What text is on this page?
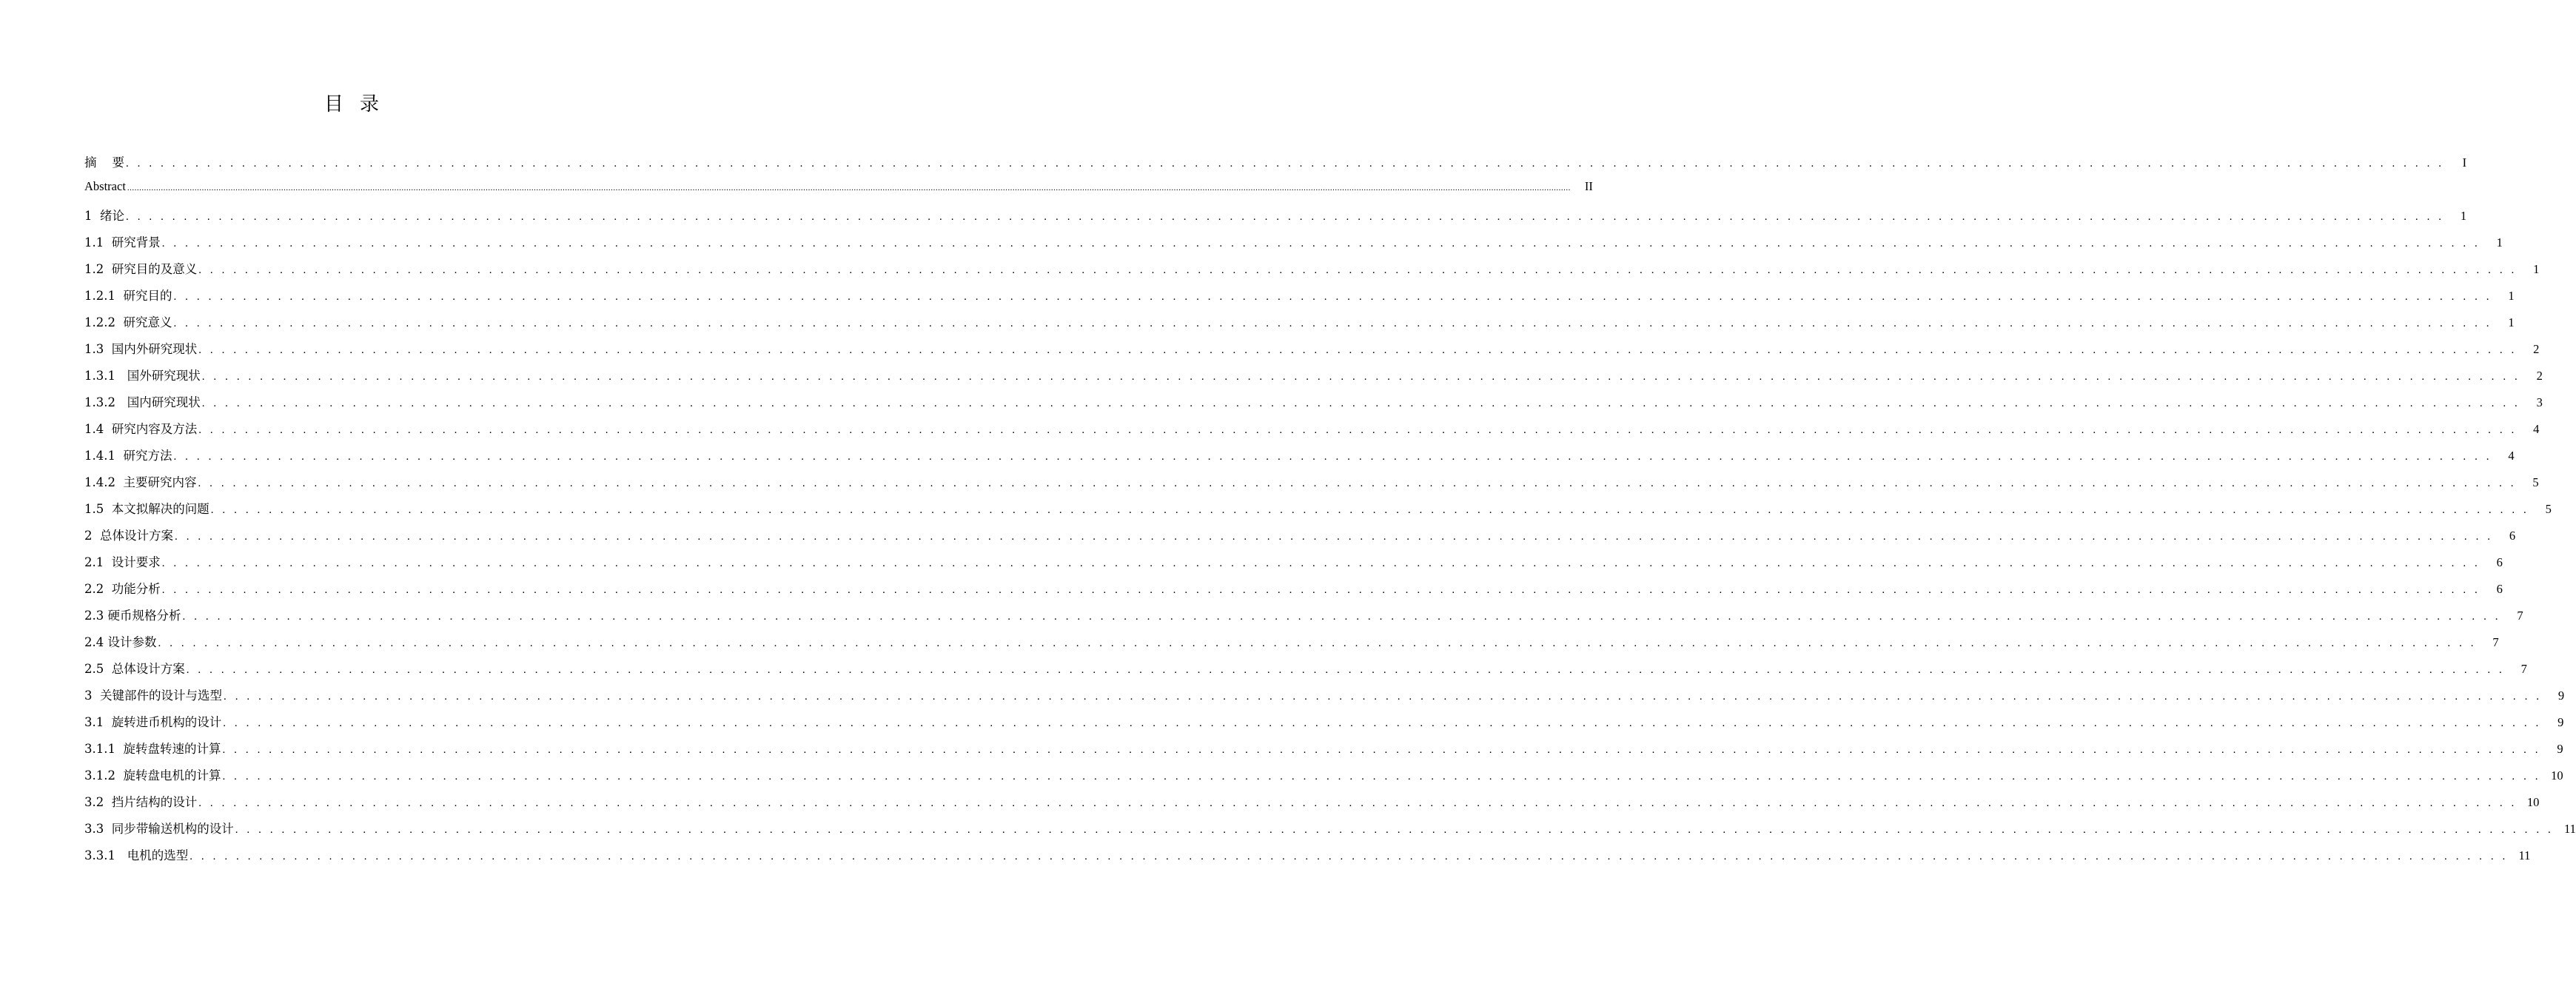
目 录
摘    要 . . . . . . . . . . . . . . . . . . . . . . . . . . . . . . . . . . . . . . . . . . . . . . . . . . . . . . . . . . . . . . . . . . . . . . . . . . . . . . . . . . . . . . . . . . . . . . . . . . . . . . . . . . . . . . . . . . . . . . . . . . . . . . . . . . . . . . . . . . . . . . . . . . . . . . . . . . . . . . . . . . . . . . . . . . . . . . . . . . . . . . . . . . . . . . . . . . . . . . . .	I
Abstract ........................................................................................................................................................................................................................................................................................................................................................................................................................................................................................................................................................................................................................	II
1  绪论 . . . . . . . . . . . . . . . . . . . . . . . . . . . . . . . . . . . . . . . . . . . . . . . . . . . . . . . . . . . . . . . . . . . . . . . . . . . . . . . . . . . . . . . . . . . . . . . . . . . . . . . . . . . . . . . . . . . . . . . . . . . . . . . . . . . . . . . . . . . . . . . . . . . . . . . . . . . . . . . . . . . . . . . . . . . . . . . . . . . . . . . . . . . . . . . . . . . . . . . .	1
1.1  研究背景 . . . . . . . . . . . . . . . . . . . . . . . . . . . . . . . . . . . . . . . . . . . . . . . . . . . . . . . . . . . . . . . . . . . . . . . . . . . . . . . . . . . . . . . . . . . . . . . . . . . . . . . . . . . . . . . . . . . . . . . . . . . . . . . . . . . . . . . . . . . . . . . . . . . . . . . . . . . . . . . . . . . . . . . . . . . . . . . . . . . . . . . . . . . . . . . . . . . . . . . .	1
1.2  研究目的及意义 . . . . . . . . . . . . . . . . . . . . . . . . . . . . . . . . . . . . . . . . . . . . . . . . . . . . . . . . . . . . . . . . . . . . . . . . . . . . . . . . . . . . . . . . . . . . . . . . . . . . . . . . . . . . . . . . . . . . . . . . . . . . . . . . . . . . . . . . . . . . . . . . . . . . . . . . . . . . . . . . . . . . . . . . . . . . . . . . . . . . . . . . . . . . . . . . . . . . . . . .	1
1.2.1  研究目的 . . . . . . . . . . . . . . . . . . . . . . . . . . . . . . . . . . . . . . . . . . . . . . . . . . . . . . . . . . . . . . . . . . . . . . . . . . . . . . . . . . . . . . . . . . . . . . . . . . . . . . . . . . . . . . . . . . . . . . . . . . . . . . . . . . . . . . . . . . . . . . . . . . . . . . . . . . . . . . . . . . . . . . . . . . . . . . . . . . . . . . . . . . . . . . . . . . . . . . . .	1
1.2.2  研究意义 . . . . . . . . . . . . . . . . . . . . . . . . . . . . . . . . . . . . . . . . . . . . . . . . . . . . . . . . . . . . . . . . . . . . . . . . . . . . . . . . . . . . . . . . . . . . . . . . . . . . . . . . . . . . . . . . . . . . . . . . . . . . . . . . . . . . . . . . . . . . . . . . . . . . . . . . . . . . . . . . . . . . . . . . . . . . . . . . . . . . . . . . . . . . . . . . . . . . . . . .	1
1.3  国内外研究现状 . . . . . . . . . . . . . . . . . . . . . . . . . . . . . . . . . . . . . . . . . . . . . . . . . . . . . . . . . . . . . . . . . . . . . . . . . . . . . . . . . . . . . . . . . . . . . . . . . . . . . . . . . . . . . . . . . . . . . . . . . . . . . . . . . . . . . . . . . . . . . . . . . . . . . . . . . . . . . . . . . . . . . . . . . . . . . . . . . . . . . . . . . . . . . . . . . . . . . . . .	2
1.3.1   国外研究现状 . . . . . . . . . . . . . . . . . . . . . . . . . . . . . . . . . . . . . . . . . . . . . . . . . . . . . . . . . . . . . . . . . . . . . . . . . . . . . . . . . . . . . . . . . . . . . . . . . . . . . . . . . . . . . . . . . . . . . . . . . . . . . . . . . . . . . . . . . . . . . . . . . . . . . . . . . . . . . . . . . . . . . . . . . . . . . . . . . . . . . . . . . . . . . . . . . . . . . . . .	2
1.3.2   国内研究现状 . . . . . . . . . . . . . . . . . . . . . . . . . . . . . . . . . . . . . . . . . . . . . . . . . . . . . . . . . . . . . . . . . . . . . . . . . . . . . . . . . . . . . . . . . . . . . . . . . . . . . . . . . . . . . . . . . . . . . . . . . . . . . . . . . . . . . . . . . . . . . . . . . . . . . . . . . . . . . . . . . . . . . . . . . . . . . . . . . . . . . . . . . . . . . . . . . . . . . . . .	3
1.4  研究内容及方法 . . . . . . . . . . . . . . . . . . . . . . . . . . . . . . . . . . . . . . . . . . . . . . . . . . . . . . . . . . . . . . . . . . . . . . . . . . . . . . . . . . . . . . . . . . . . . . . . . . . . . . . . . . . . . . . . . . . . . . . . . . . . . . . . . . . . . . . . . . . . . . . . . . . . . . . . . . . . . . . . . . . . . . . . . . . . . . . . . . . . . . . . . . . . . . . . . . . . . . . .	4
1.4.1  研究方法 . . . . . . . . . . . . . . . . . . . . . . . . . . . . . . . . . . . . . . . . . . . . . . . . . . . . . . . . . . . . . . . . . . . . . . . . . . . . . . . . . . . . . . . . . . . . . . . . . . . . . . . . . . . . . . . . . . . . . . . . . . . . . . . . . . . . . . . . . . . . . . . . . . . . . . . . . . . . . . . . . . . . . . . . . . . . . . . . . . . . . . . . . . . . . . . . . . . . . . . .	4
1.4.2  主要研究内容 . . . . . . . . . . . . . . . . . . . . . . . . . . . . . . . . . . . . . . . . . . . . . . . . . . . . . . . . . . . . . . . . . . . . . . . . . . . . . . . . . . . . . . . . . . . . . . . . . . . . . . . . . . . . . . . . . . . . . . . . . . . . . . . . . . . . . . . . . . . . . . . . . . . . . . . . . . . . . . . . . . . . . . . . . . . . . . . . . . . . . . . . . . . . . . . . . . . . . . . .	5
1.5  本文拟解决的问题 . . . . . . . . . . . . . . . . . . . . . . . . . . . . . . . . . . . . . . . . . . . . . . . . . . . . . . . . . . . . . . . . . . . . . . . . . . . . . . . . . . . . . . . . . . . . . . . . . . . . . . . . . . . . . . . . . . . . . . . . . . . . . . . . . . . . . . . . . . . . . . . . . . . . . . . . . . . . . . . . . . . . . . . . . . . . . . . . . . . . . . . . . . . . . . . . . . . . . . . .	5
2  总体设计方案 . . . . . . . . . . . . . . . . . . . . . . . . . . . . . . . . . . . . . . . . . . . . . . . . . . . . . . . . . . . . . . . . . . . . . . . . . . . . . . . . . . . . . . . . . . . . . . . . . . . . . . . . . . . . . . . . . . . . . . . . . . . . . . . . . . . . . . . . . . . . . . . . . . . . . . . . . . . . . . . . . . . . . . . . . . . . . . . . . . . . . . . . . . . . . . . . . . . . . . . .	6
2.1  设计要求 . . . . . . . . . . . . . . . . . . . . . . . . . . . . . . . . . . . . . . . . . . . . . . . . . . . . . . . . . . . . . . . . . . . . . . . . . . . . . . . . . . . . . . . . . . . . . . . . . . . . . . . . . . . . . . . . . . . . . . . . . . . . . . . . . . . . . . . . . . . . . . . . . . . . . . . . . . . . . . . . . . . . . . . . . . . . . . . . . . . . . . . . . . . . . . . . . . . . . . . .	6
2.2  功能分析 . . . . . . . . . . . . . . . . . . . . . . . . . . . . . . . . . . . . . . . . . . . . . . . . . . . . . . . . . . . . . . . . . . . . . . . . . . . . . . . . . . . . . . . . . . . . . . . . . . . . . . . . . . . . . . . . . . . . . . . . . . . . . . . . . . . . . . . . . . . . . . . . . . . . . . . . . . . . . . . . . . . . . . . . . . . . . . . . . . . . . . . . . . . . . . . . . . . . . . . .	6
2.3 硬币规格分析 . . . . . . . . . . . . . . . . . . . . . . . . . . . . . . . . . . . . . . . . . . . . . . . . . . . . . . . . . . . . . . . . . . . . . . . . . . . . . . . . . . . . . . . . . . . . . . . . . . . . . . . . . . . . . . . . . . . . . . . . . . . . . . . . . . . . . . . . . . . . . . . . . . . . . . . . . . . . . . . . . . . . . . . . . . . . . . . . . . . . . . . . . . . . . . . . . . . . . . . .	7
2.4 设计参数 . . . . . . . . . . . . . . . . . . . . . . . . . . . . . . . . . . . . . . . . . . . . . . . . . . . . . . . . . . . . . . . . . . . . . . . . . . . . . . . . . . . . . . . . . . . . . . . . . . . . . . . . . . . . . . . . . . . . . . . . . . . . . . . . . . . . . . . . . . . . . . . . . . . . . . . . . . . . . . . . . . . . . . . . . . . . . . . . . . . . . . . . . . . . . . . . . . . . . . . .	7
2.5  总体设计方案 . . . . . . . . . . . . . . . . . . . . . . . . . . . . . . . . . . . . . . . . . . . . . . . . . . . . . . . . . . . . . . . . . . . . . . . . . . . . . . . . . . . . . . . . . . . . . . . . . . . . . . . . . . . . . . . . . . . . . . . . . . . . . . . . . . . . . . . . . . . . . . . . . . . . . . . . . . . . . . . . . . . . . . . . . . . . . . . . . . . . . . . . . . . . . . . . . . . . . . . .	7
3  关键部件的设计与选型 . . . . . . . . . . . . . . . . . . . . . . . . . . . . . . . . . . . . . . . . . . . . . . . . . . . . . . . . . . . . . . . . . . . . . . . . . . . . . . . . . . . . . . . . . . . . . . . . . . . . . . . . . . . . . . . . . . . . . . . . . . . . . . . . . . . . . . . . . . . . . . . . . . . . . . . . . . . . . . . . . . . . . . . . . . . . . . . . . . . . . . . . . . . . . . . . . . . . . . . .	9
3.1  旋转进币机构的设计 . . . . . . . . . . . . . . . . . . . . . . . . . . . . . . . . . . . . . . . . . . . . . . . . . . . . . . . . . . . . . . . . . . . . . . . . . . . . . . . . . . . . . . . . . . . . . . . . . . . . . . . . . . . . . . . . . . . . . . . . . . . . . . . . . . . . . . . . . . . . . . . . . . . . . . . . . . . . . . . . . . . . . . . . . . . . . . . . . . . . . . . . . . . . . . . . . . . . . . . .	9
3.1.1  旋转盘转速的计算 . . . . . . . . . . . . . . . . . . . . . . . . . . . . . . . . . . . . . . . . . . . . . . . . . . . . . . . . . . . . . . . . . . . . . . . . . . . . . . . . . . . . . . . . . . . . . . . . . . . . . . . . . . . . . . . . . . . . . . . . . . . . . . . . . . . . . . . . . . . . . . . . . . . . . . . . . . . . . . . . . . . . . . . . . . . . . . . . . . . . . . . . . . . . . . . . . . . . . . . .	9
3.1.2  旋转盘电机的计算 . . . . . . . . . . . . . . . . . . . . . . . . . . . . . . . . . . . . . . . . . . . . . . . . . . . . . . . . . . . . . . . . . . . . . . . . . . . . . . . . . . . . . . . . . . . . . . . . . . . . . . . . . . . . . . . . . . . . . . . . . . . . . . . . . . . . . . . . . . . . . . . . . . . . . . . . . . . . . . . . . . . . . . . . . . . . . . . . . . . . . . . . . . . . . . . . . . . . . . . . 10
3.2  挡片结构的设计 . . . . . . . . . . . . . . . . . . . . . . . . . . . . . . . . . . . . . . . . . . . . . . . . . . . . . . . . . . . . . . . . . . . . . . . . . . . . . . . . . . . . . . . . . . . . . . . . . . . . . . . . . . . . . . . . . . . . . . . . . . . . . . . . . . . . . . . . . . . . . . . . . . . . . . . . . . . . . . . . . . . . . . . . . . . . . . . . . . . . . . . . . . . . . . . . . . . . . . . . 10
3.3  同步带输送机构的设计 . . . . . . . . . . . . . . . . . . . . . . . . . . . . . . . . . . . . . . . . . . . . . . . . . . . . . . . . . . . . . . . . . . . . . . . . . . . . . . . . . . . . . . . . . . . . . . . . . . . . . . . . . . . . . . . . . . . . . . . . . . . . . . . . . . . . . . . . . . . . . . . . . . . . . . . . . . . . . . . . . . . . . . . . . . . . . . . . . . . . . . . . . . . . . . . . . . . . . . . . 11
3.3.1   电机的选型 . . . . . . . . . . . . . . . . . . . . . . . . . . . . . . . . . . . . . . . . . . . . . . . . . . . . . . . . . . . . . . . . . . . . . . . . . . . . . . . . . . . . . . . . . . . . . . . . . . . . . . . . . . . . . . . . . . . . . . . . . . . . . . . . . . . . . . . . . . . . . . . . . . . . . . . . . . . . . . . . . . . . . . . . . . . . . . . . . . . . . . . . . . . . . . . . . . . . . . . . 11
